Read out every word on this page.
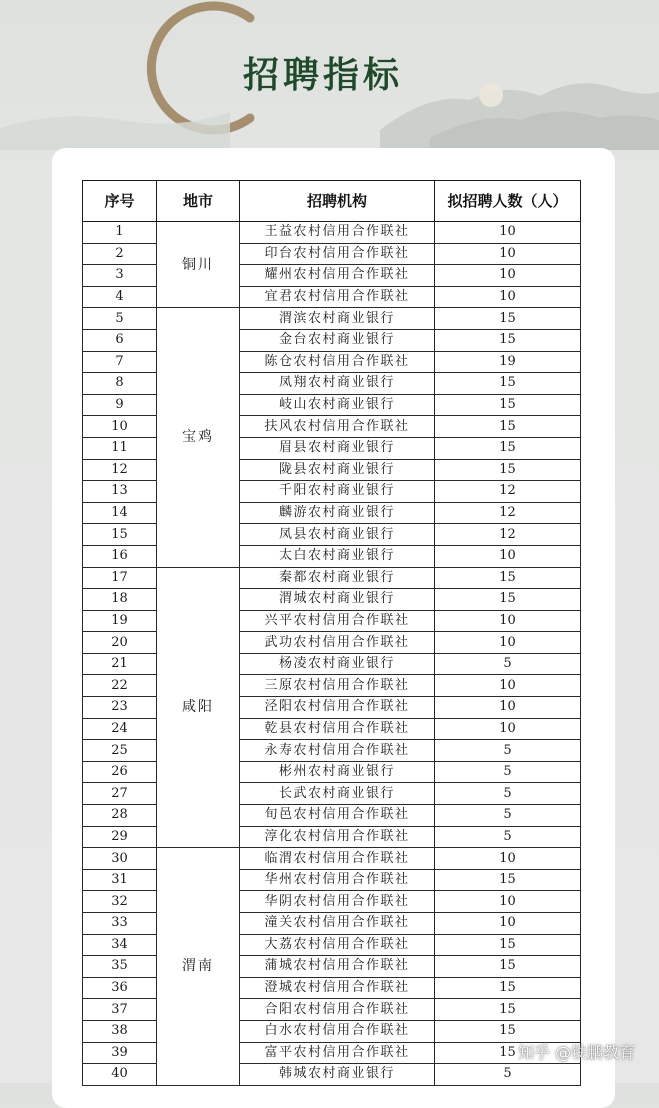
招聘指标
序号	地市	招聘机构	拟招聘人数（人）
1	铜川	王益农村信用合作联社	10
2		印台农村信用合作联社	10
3		耀州农村信用合作联社	10
4		宜君农村信用合作联社	10
5	宝鸡	渭滨农村商业银行	15
6		金台农村商业银行	15
7		陈仓农村信用合作联社	19
8		凤翔农村商业银行	15
9		岐山农村商业银行	15
10		扶风农村信用合作联社	15
11		眉县农村商业银行	15
12		陇县农村商业银行	15
13		千阳农村商业银行	12
14		麟游农村商业银行	12
15		凤县农村商业银行	12
16		太白农村商业银行	10
17	咸阳	秦都农村商业银行	15
18		渭城农村商业银行	15
19		兴平农村信用合作联社	10
20		武功农村信用合作联社	10
21		杨凌农村商业银行	5
22		三原农村信用合作联社	10
23		泾阳农村信用合作联社	10
24		乾县农村信用合作联社	10
25		永寿农村信用合作联社	5
26		彬州农村商业银行	5
27		长武农村商业银行	5
28		旬邑农村信用合作联社	5
29		淳化农村信用合作联社	5
30	渭南	临渭农村信用合作联社	10
31		华州农村信用合作联社	15
32		华阴农村信用合作联社	10
33		潼关农村信用合作联社	10
34		大荔农村信用合作联社	15
35		蒲城农村信用合作联社	15
36		澄城农村信用合作联社	15
37		合阳农村信用合作联社	15
38		白水农村信用合作联社	15
39		富平农村信用合作联社	15
40		韩城农村商业银行	5
知乎 @铁鹏教育
